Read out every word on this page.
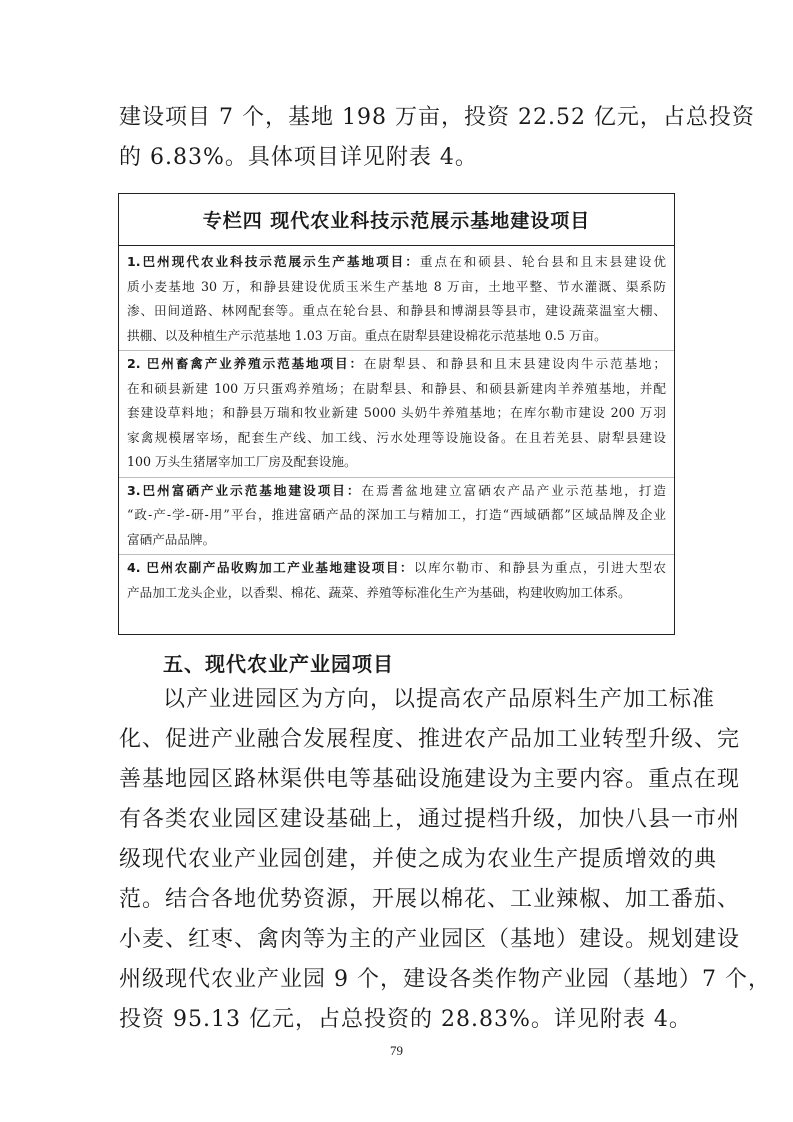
建设项目 7 个，基地 198 万亩，投资 22.52 亿元，占总投资
的 6.83%。具体项目详见附表 4。
专栏四 现代农业科技示范展示基地建设项目
1.巴州现代农业科技示范展示生产基地项目：重点在和硕县、轮台县和且末县建设优
质小麦基地 30 万，和静县建设优质玉米生产基地 8 万亩，土地平整、节水灌溉、渠系防
渗、田间道路、林网配套等。重点在轮台县、和静县和博湖县等县市，建设蔬菜温室大棚、
拱棚、以及种植生产示范基地 1.03 万亩。重点在尉犁县建设棉花示范基地 0.5 万亩。
2. 巴州畜禽产业养殖示范基地项目：在尉犁县、和静县和且末县建设肉牛示范基地；
在和硕县新建 100 万只蛋鸡养殖场；在尉犁县、和静县、和硕县新建肉羊养殖基地，并配
套建设草料地；和静县万瑞和牧业新建 5000 头奶牛养殖基地；在库尔勒市建设 200 万羽
家禽规模屠宰场，配套生产线、加工线、污水处理等设施设备。在且若羌县、尉犁县建设
100 万头生猪屠宰加工厂房及配套设施。
3.巴州富硒产业示范基地建设项目：在焉耆盆地建立富硒农产品产业示范基地，打造
“政-产-学-研-用”平台，推进富硒产品的深加工与精加工，打造“西域硒都”区域品牌及企业
富硒产品品牌。
4. 巴州农副产品收购加工产业基地建设项目：以库尔勒市、和静县为重点，引进大型农
产品加工龙头企业，以香梨、棉花、蔬菜、养殖等标准化生产为基础，构建收购加工体系。
五、现代农业产业园项目
以产业进园区为方向，以提高农产品原料生产加工标准
化、促进产业融合发展程度、推进农产品加工业转型升级、完
善基地园区路林渠供电等基础设施建设为主要内容。重点在现
有各类农业园区建设基础上，通过提档升级，加快八县一市州
级现代农业产业园创建，并使之成为农业生产提质增效的典
范。结合各地优势资源，开展以棉花、工业辣椒、加工番茄、
小麦、红枣、禽肉等为主的产业园区（基地）建设。规划建设
州级现代农业产业园 9 个，建设各类作物产业园（基地）7 个，
投资 95.13 亿元，占总投资的 28.83%。详见附表 4。
79
